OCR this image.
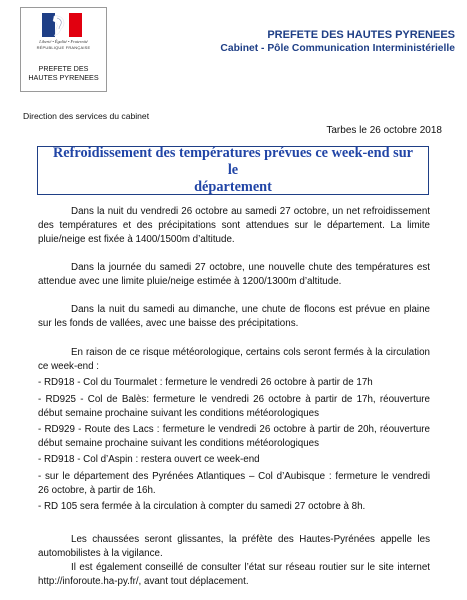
Liberté • Égalité • Fraternité
RÉPUBLIQUE FRANÇAISE
PREFETE DES
HAUTES PYRENEES
PREFETE DES HAUTES PYRENEES
Cabinet - Pôle Communication Interministérielle
Direction des services du cabinet
Tarbes le 26 octobre 2018
Refroidissement des températures prévues ce week-end sur le
département

Dans la nuit du vendredi 26 octobre au samedi 27 octobre, un net refroidissement des températures et des précipitations sont attendues sur le département. La limite pluie/neige est fixée à 1400/1500m d’altitude.

Dans la journée du samedi 27 octobre, une nouvelle chute des températures est attendue avec une limite pluie/neige estimée à 1200/1300m d’altitude.

Dans la nuit du samedi au dimanche, une chute de flocons est prévue en plaine sur les fonds de vallées, avec une baisse des précipitations.

En raison de ce risque météorologique, certains cols seront fermés à la circulation ce week-end :

- RD918 - Col du Tourmalet : fermeture le vendredi 26 octobre à partir de 17h

- RD925 - Col de Balès: fermeture le vendredi 26 octobre à partir de 17h, réouverture début semaine prochaine suivant les conditions météorologiques

- RD929 - Route des Lacs : fermeture le vendredi 26 octobre à partir de 20h, réouverture début semaine prochaine suivant les conditions météorologiques

- RD918 - Col d’Aspin : restera ouvert ce week-end

- sur le département des Pyrénées Atlantiques – Col d’Aubisque : fermeture le vendredi 26 octobre, à partir de 16h.

- RD 105 sera fermée à la circulation à compter du samedi 27 octobre à 8h.

Les chaussées seront glissantes, la préfète des Hautes-Pyrénées appelle les automobilistes à la vigilance.

Il est également conseillé de consulter l’état sur réseau routier sur le site internet http://inforoute.ha-py.fr/, avant tout déplacement.
